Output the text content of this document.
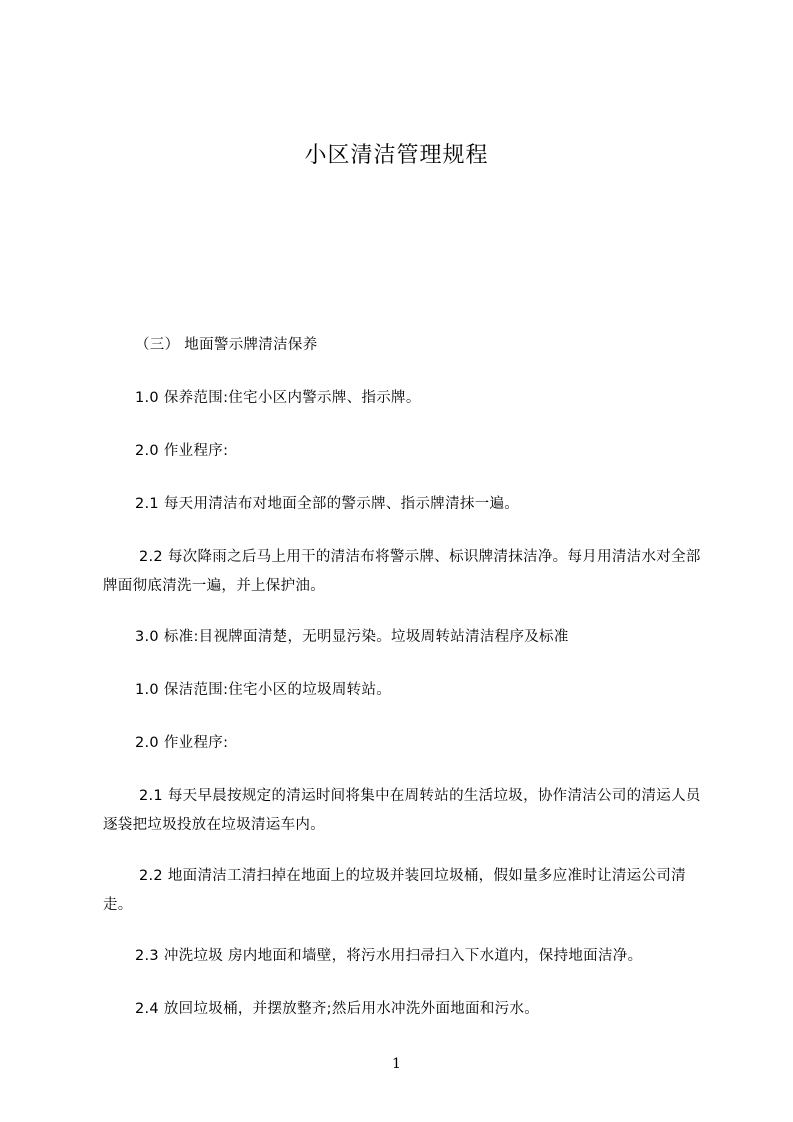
小区清洁管理规程

（三） 地面警示牌清洁保养

1.0 保养范围:住宅小区内警示牌、指示牌。

2.0 作业程序:

2.1 每天用清洁布对地面全部的警示牌、指示牌清抹一遍。

2.2 每次降雨之后马上用干的清洁布将警示牌、标识牌清抹洁净。每月用清洁水对全部牌面彻底清洗一遍，并上保护油。

3.0 标准:目视牌面清楚，无明显污染。垃圾周转站清洁程序及标准

1.0 保洁范围:住宅小区的垃圾周转站。

2.0 作业程序:

2.1 每天早晨按规定的清运时间将集中在周转站的生活垃圾，协作清洁公司的清运人员逐袋把垃圾投放在垃圾清运车内。

2.2 地面清洁工清扫掉在地面上的垃圾并装回垃圾桶，假如量多应准时让清运公司清走。

2.3 冲洗垃圾 房内地面和墙壁，将污水用扫帚扫入下水道内，保持地面洁净。

2.4 放回垃圾桶，并摆放整齐;然后用水冲洗外面地面和污水。

1
